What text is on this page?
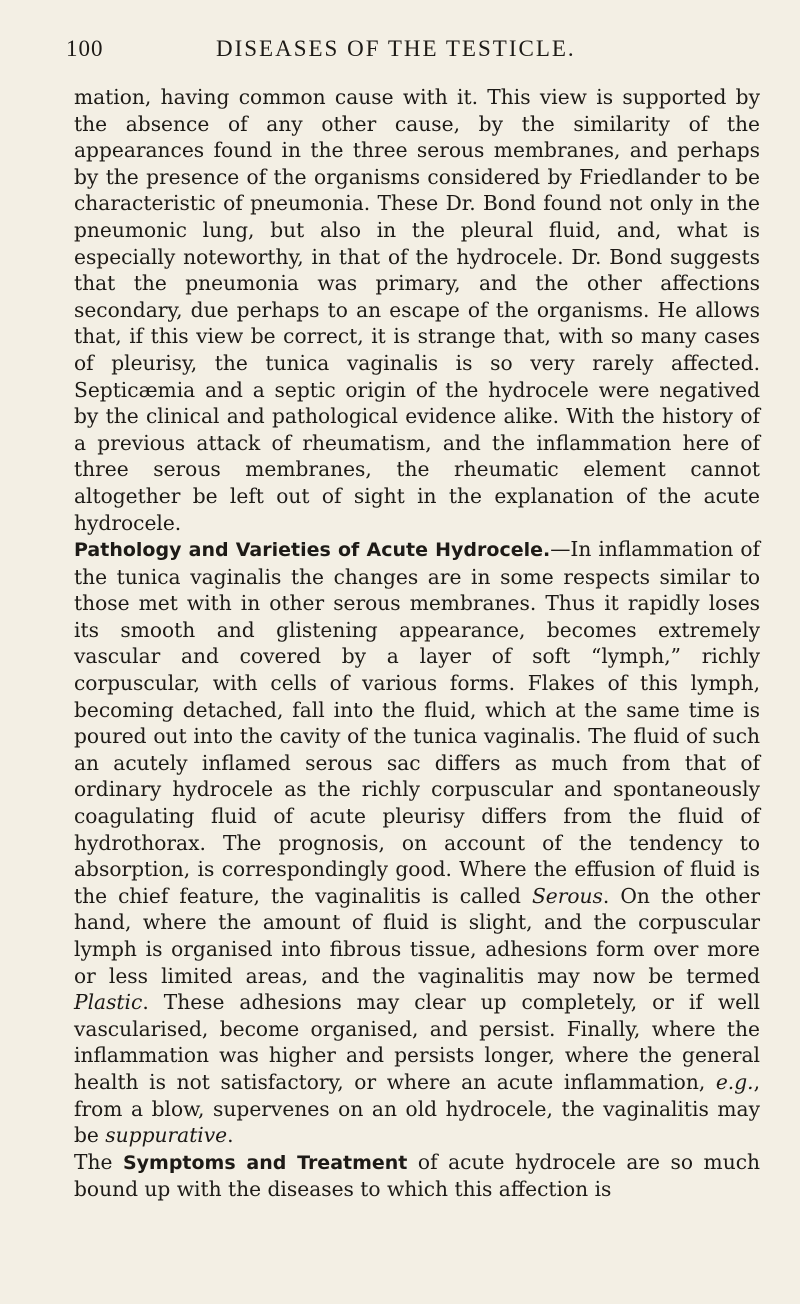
100	DISEASES OF THE TESTICLE.

mation, having common cause with it. This view is supported by the absence of any other cause, by the similarity of the appearances found in the three serous membranes, and perhaps by the presence of the organisms considered by Friedlander to be characteristic of pneumonia. These Dr. Bond found not only in the pneumonic lung, but also in the pleural fluid, and, what is especially noteworthy, in that of the hydrocele. Dr. Bond suggests that the pneumonia was primary, and the other affections secondary, due perhaps to an escape of the organisms. He allows that, if this view be correct, it is strange that, with so many cases of pleurisy, the tunica vaginalis is so very rarely affected. Septicæmia and a septic origin of the hydrocele were negatived by the clinical and pathological evidence alike. With the history of a previous attack of rheumatism, and the inflammation here of three serous membranes, the rheumatic element cannot altogether be left out of sight in the explanation of the acute hydrocele.

Pathology and Varieties of Acute Hydrocele.—In inflammation of the tunica vaginalis the changes are in some respects similar to those met with in other serous membranes. Thus it rapidly loses its smooth and glistening appearance, becomes extremely vascular and covered by a layer of soft “lymph,” richly corpuscular, with cells of various forms. Flakes of this lymph, becoming detached, fall into the fluid, which at the same time is poured out into the cavity of the tunica vaginalis. The fluid of such an acutely inflamed serous sac differs as much from that of ordinary hydrocele as the richly corpuscular and spontaneously coagulating fluid of acute pleurisy differs from the fluid of hydrothorax. The prognosis, on account of the tendency to absorption, is correspondingly good. Where the effusion of fluid is the chief feature, the vaginalitis is called Serous. On the other hand, where the amount of fluid is slight, and the corpuscular lymph is organised into fibrous tissue, adhesions form over more or less limited areas, and the vaginalitis may now be termed Plastic. These adhesions may clear up completely, or if well vascularised, become organised, and persist. Finally, where the inflammation was higher and persists longer, where the general health is not satisfactory, or where an acute inflammation, e.g., from a blow, supervenes on an old hydrocele, the vaginalitis may be suppurative.

The Symptoms and Treatment of acute hydrocele are so much bound up with the diseases to which this affection is
